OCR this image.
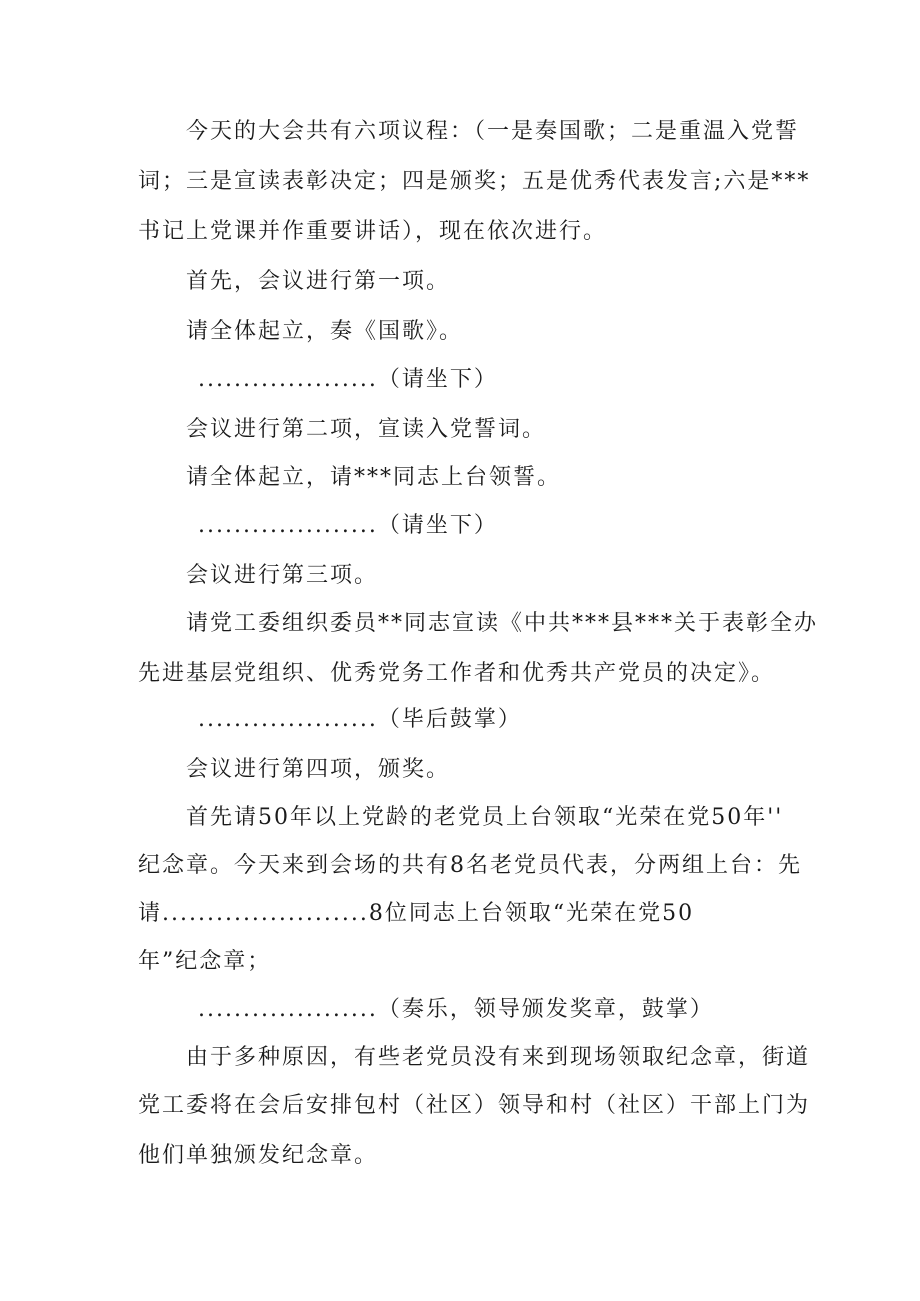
今天的大会共有六项议程：（一是奏国歌；二是重温入党誓
词；三是宣读表彰决定；四是颁奖；五是优秀代表发言;六是***
书记上党课并作重要讲话），现在依次进行。
首先，会议进行第一项。
请全体起立，奏《国歌》。
....................（请坐下）
会议进行第二项，宣读入党誓词。
请全体起立，请***同志上台领誓。
....................（请坐下）
会议进行第三项。
请党工委组织委员**同志宣读《中共***县***关于表彰全办
先进基层党组织、优秀党务工作者和优秀共产党员的决定》。
....................（毕后鼓掌）
会议进行第四项，颁奖。
首先请50年以上党龄的老党员上台领取“光荣在党50年''
纪念章。今天来到会场的共有8名老党员代表，分两组上台：先
请.......................8位同志上台领取“光荣在党50
年”纪念章；
....................（奏乐，领导颁发奖章，鼓掌）
由于多种原因，有些老党员没有来到现场领取纪念章，街道
党工委将在会后安排包村（社区）领导和村（社区）干部上门为
他们单独颁发纪念章。
